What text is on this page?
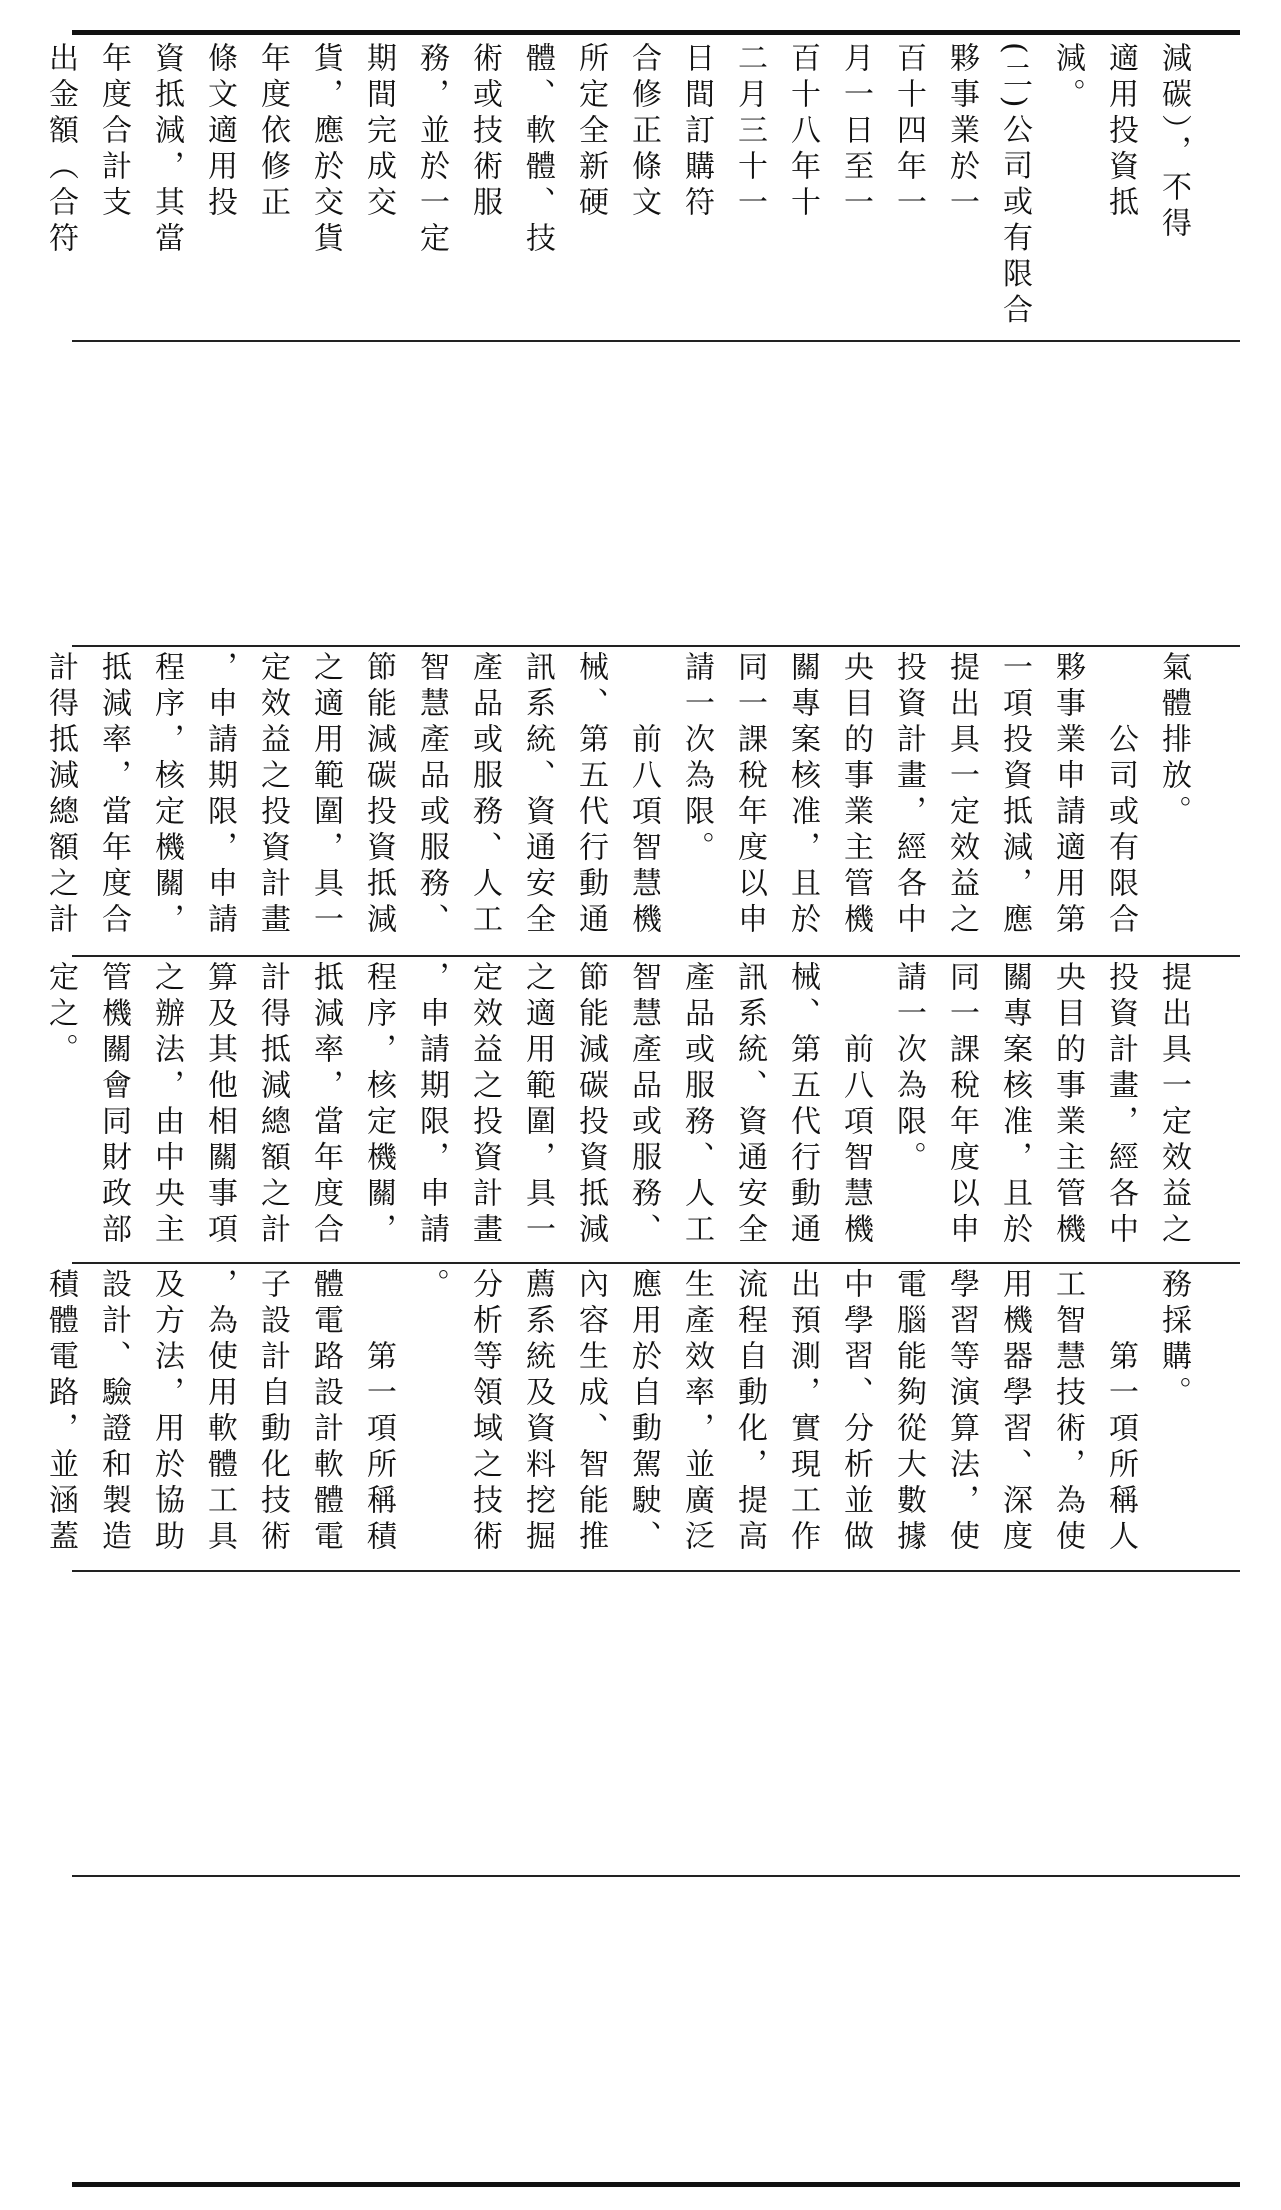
減碳），不得
適用投資抵
減。
(二)公司或有限合
夥事業於一
百十四年一
月一日至一
百十八年十
二月三十一
日間訂購符
合修正條文
所定全新硬
體、軟體、技
術或技術服
務，並於一定
期間完成交
貨，應於交貨
年度依修正
條文適用投
資抵減，其當
年度合計支
出金額（合符
氣體排放。
　　公司或有限合
夥事業申請適用第
一項投資抵減，應
提出具一定效益之
投資計畫，經各中
央目的事業主管機
關專案核准，且於
同一課稅年度以申
請一次為限。
　　前八項智慧機
械、第五代行動通
訊系統、資通安全
產品或服務、人工
智慧產品或服務、
節能減碳投資抵減
之適用範圍，具一
定效益之投資計畫
，申請期限，申請
程序，核定機關，
抵減率，當年度合
計得抵減總額之計
提出具一定效益之
投資計畫，經各中
央目的事業主管機
關專案核准，且於
同一課稅年度以申
請一次為限。
　　前八項智慧機
械、第五代行動通
訊系統、資通安全
產品或服務、人工
智慧產品或服務、
節能減碳投資抵減
之適用範圍，具一
定效益之投資計畫
，申請期限，申請
程序，核定機關，
抵減率，當年度合
計得抵減總額之計
算及其他相關事項
之辦法，由中央主
管機關會同財政部
定之。
務採購。
　　第一項所稱人
工智慧技術，為使
用機器學習、深度
學習等演算法，使
電腦能夠從大數據
中學習、分析並做
出預測，實現工作
流程自動化，提高
生產效率，並廣泛
應用於自動駕駛、
內容生成、智能推
薦系統及資料挖掘
分析等領域之技術
。
　　第一項所稱積
體電路設計軟體電
子設計自動化技術
，為使用軟體工具
及方法，用於協助
設計、驗證和製造
積體電路，並涵蓋
